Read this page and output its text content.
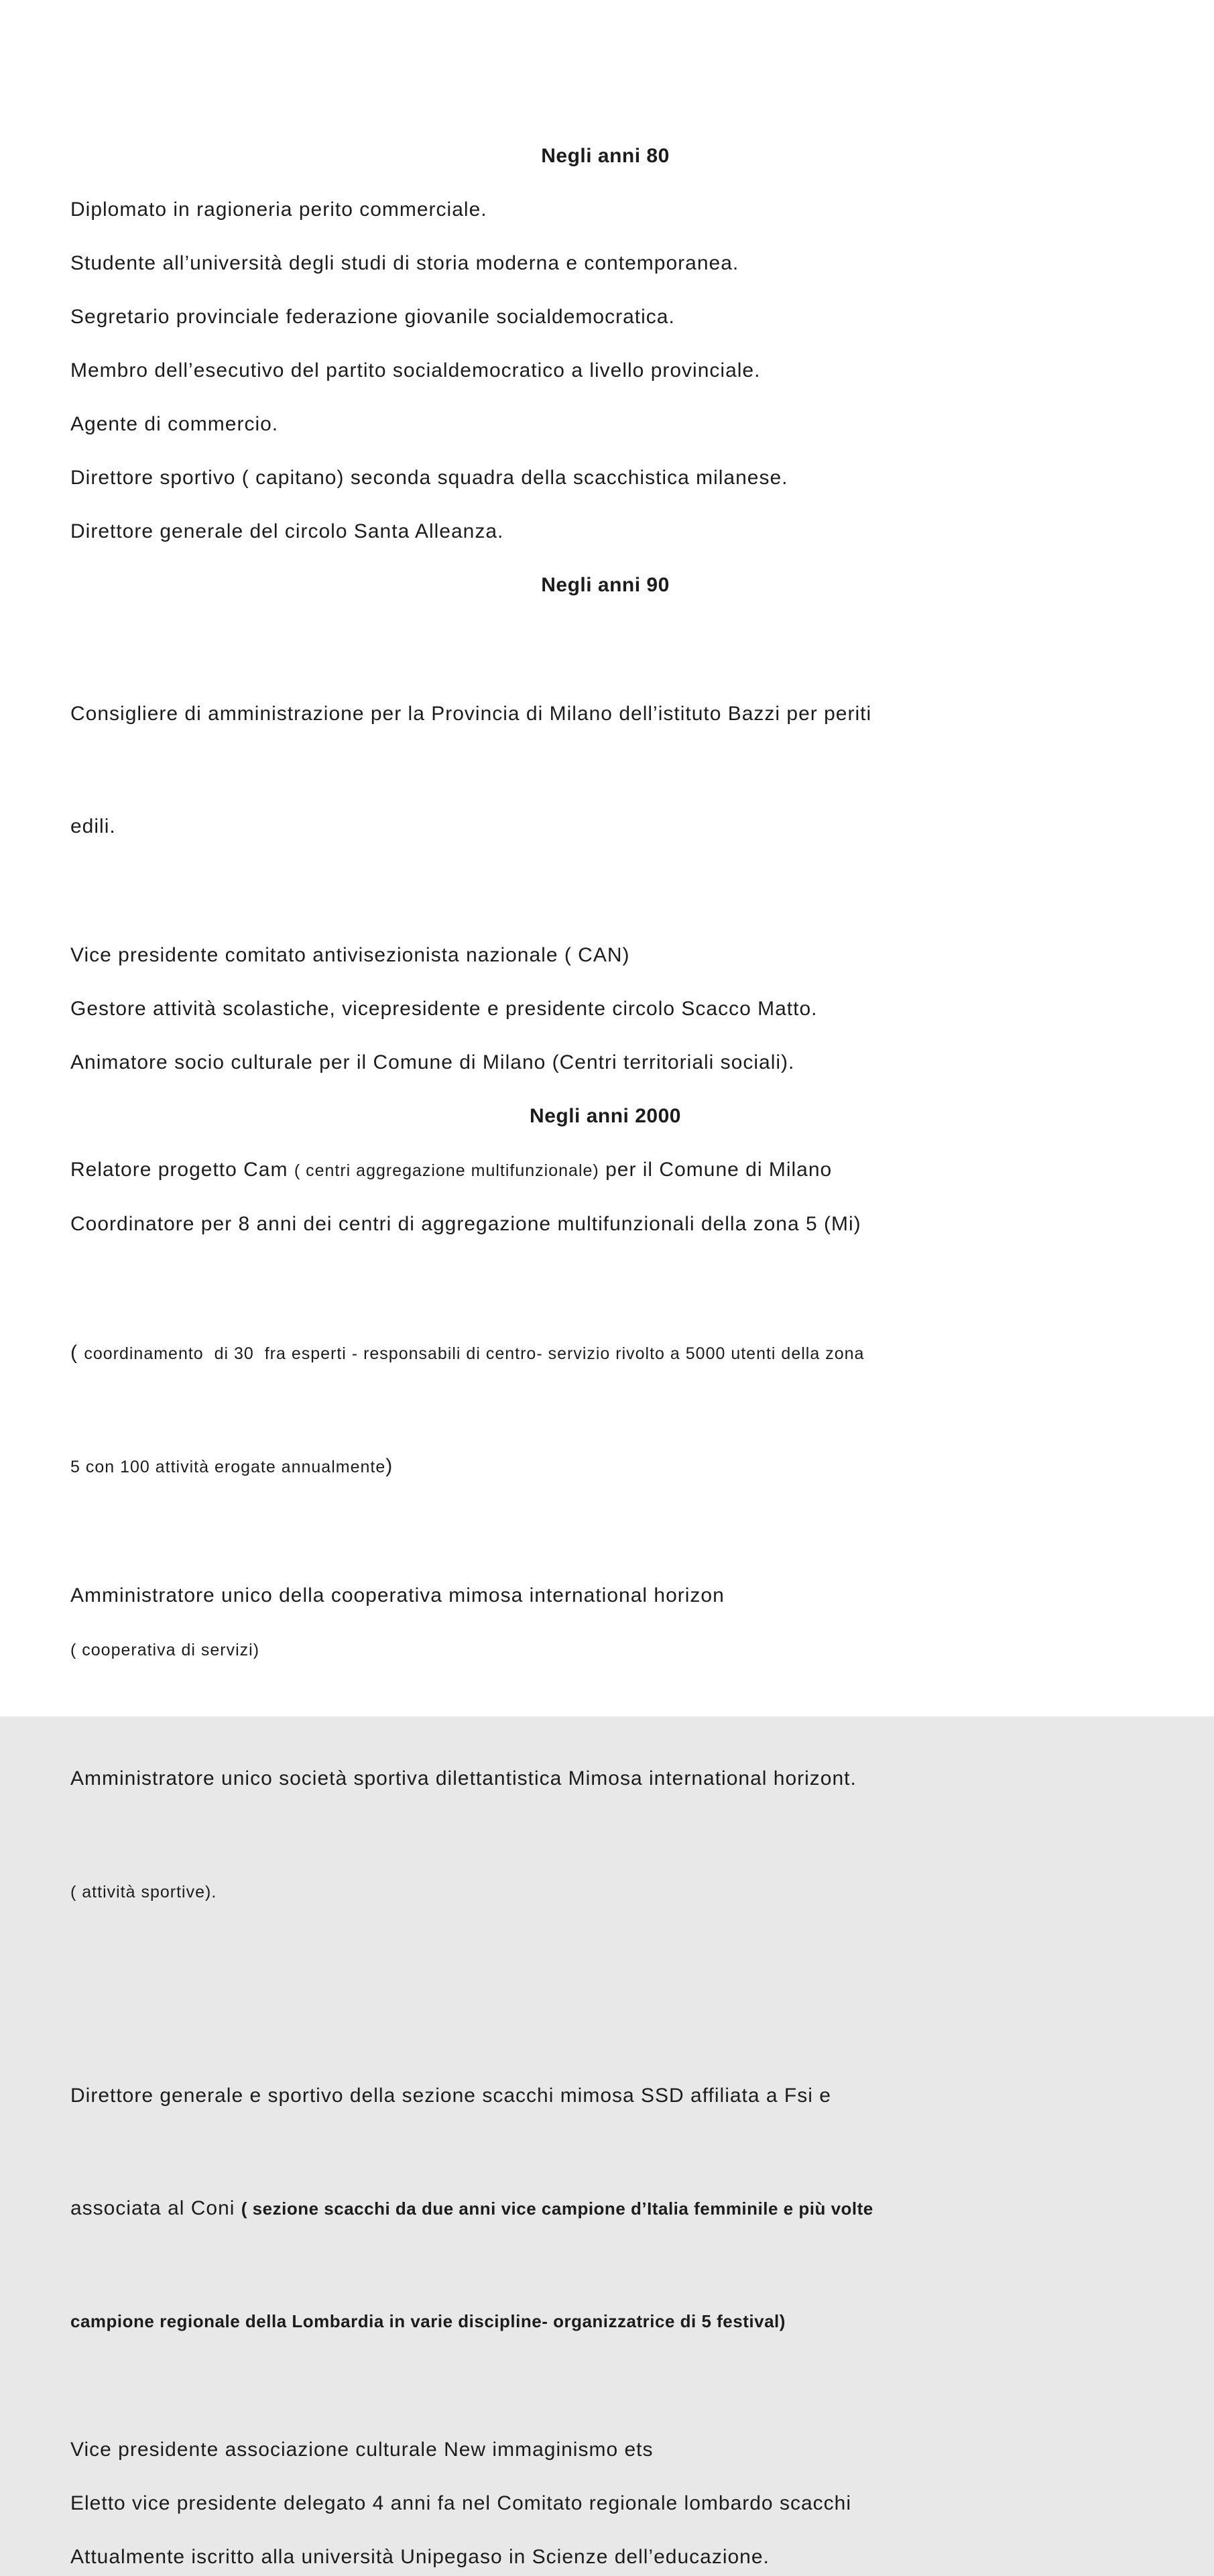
Negli anni 80

Diplomato in ragioneria perito commerciale.

Studente all’università degli studi di storia moderna e contemporanea.

Segretario provinciale federazione giovanile socialdemocratica.

Membro dell’esecutivo del partito socialdemocratico a livello provinciale.

Agente di commercio.

Direttore sportivo ( capitano) seconda squadra della scacchistica milanese.

Direttore generale del circolo Santa Alleanza.

Negli anni 90

Consigliere di amministrazione per la Provincia di Milano dell’istituto Bazzi per periti

edili.

Vice presidente comitato antivisezionista nazionale ( CAN)

Gestore attività scolastiche, vicepresidente e presidente circolo Scacco Matto.

Animatore socio culturale per il Comune di Milano (Centri territoriali sociali).

Negli anni 2000

Relatore progetto Cam ( centri aggregazione multifunzionale) per il Comune di Milano

Coordinatore per 8 anni dei centri di aggregazione multifunzionali della zona 5 (Mi)

( coordinamento  di 30  fra esperti - responsabili di centro- servizio rivolto a 5000 utenti della zona

5 con 100 attività erogate annualmente)

Amministratore unico della cooperativa mimosa international horizon

( cooperativa di servizi)

Amministratore unico società sportiva dilettantistica Mimosa international horizont.

( attività sportive).

Direttore generale e sportivo della sezione scacchi mimosa SSD affiliata a Fsi e

associata al Coni ( sezione scacchi da due anni vice campione d’Italia femminile e più volte

campione regionale della Lombardia in varie discipline- organizzatrice di 5 festival)

Vice presidente associazione culturale New immaginismo ets

Eletto vice presidente delegato 4 anni fa nel Comitato regionale lombardo scacchi

Attualmente iscritto alla università Unipegaso in Scienze dell’educazione.
